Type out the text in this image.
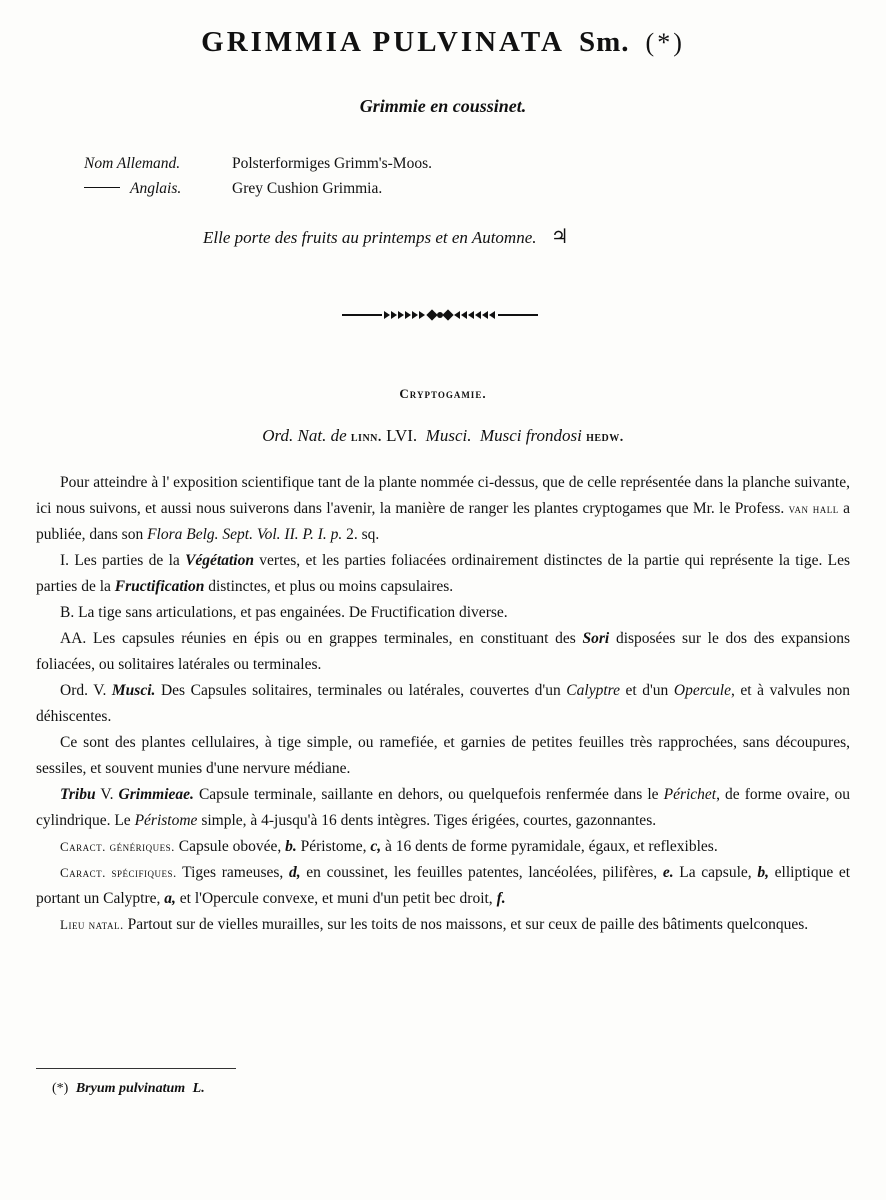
GRIMMIA PULVINATA Sm. (*)
Grimmie en coussinet.
Nom Allemand.	Polsterformiges Grimm's-Moos.
Anglais.	Grey Cushion Grimmia.
Elle porte des fruits au printemps et en Automne. ♃
Cryptogamie.
Ord. Nat. de linn. LVI. Musci. Musci frondosi hedw.

Pour atteindre à l' exposition scientifique tant de la plante nommée ci-dessus, que de celle représentée dans la planche suivante, ici nous suivons, et aussi nous suiverons dans l'avenir, la manière de ranger les plantes cryptogames que Mr. le Profess. van hall a publiée, dans son Flora Belg. Sept. Vol. II. P. I. p. 2. sq.

I. Les parties de la Végétation vertes, et les parties foliacées ordinairement distinctes de la partie qui représente la tige. Les parties de la Fructification distinctes, et plus ou moins capsulaires.

B. La tige sans articulations, et pas engainées. De Fructification diverse.

AA. Les capsules réunies en épis ou en grappes terminales, en constituant des Sori disposées sur le dos des expansions foliacées, ou solitaires latérales ou terminales.

Ord. V. Musci. Des Capsules solitaires, terminales ou latérales, couvertes d'un Calyptre et d'un Opercule, et à valvules non déhiscentes.

Ce sont des plantes cellulaires, à tige simple, ou ramefiée, et garnies de petites feuilles très rapprochées, sans découpures, sessiles, et souvent munies d'une nervure médiane.

Tribu V. Grimmieae. Capsule terminale, saillante en dehors, ou quelquefois renfermée dans le Périchet, de forme ovaire, ou cylindrique. Le Péristome simple, à 4-jusqu'à 16 dents intègres. Tiges érigées, courtes, gazonnantes.

Caract. génériques. Capsule obovée, b. Péristome, c, à 16 dents de forme pyramidale, égaux, et reflexibles.

Caract. spécifiques. Tiges rameuses, d, en coussinet, les feuilles patentes, lancéolées, pilifères, e. La capsule, b, elliptique et portant un Calyptre, a, et l'Opercule convexe, et muni d'un petit bec droit, f.

Lieu natal. Partout sur de vielles murailles, sur les toits de nos maissons, et sur ceux de paille des bâtiments quelconques.

(*) Bryum pulvinatum L.
